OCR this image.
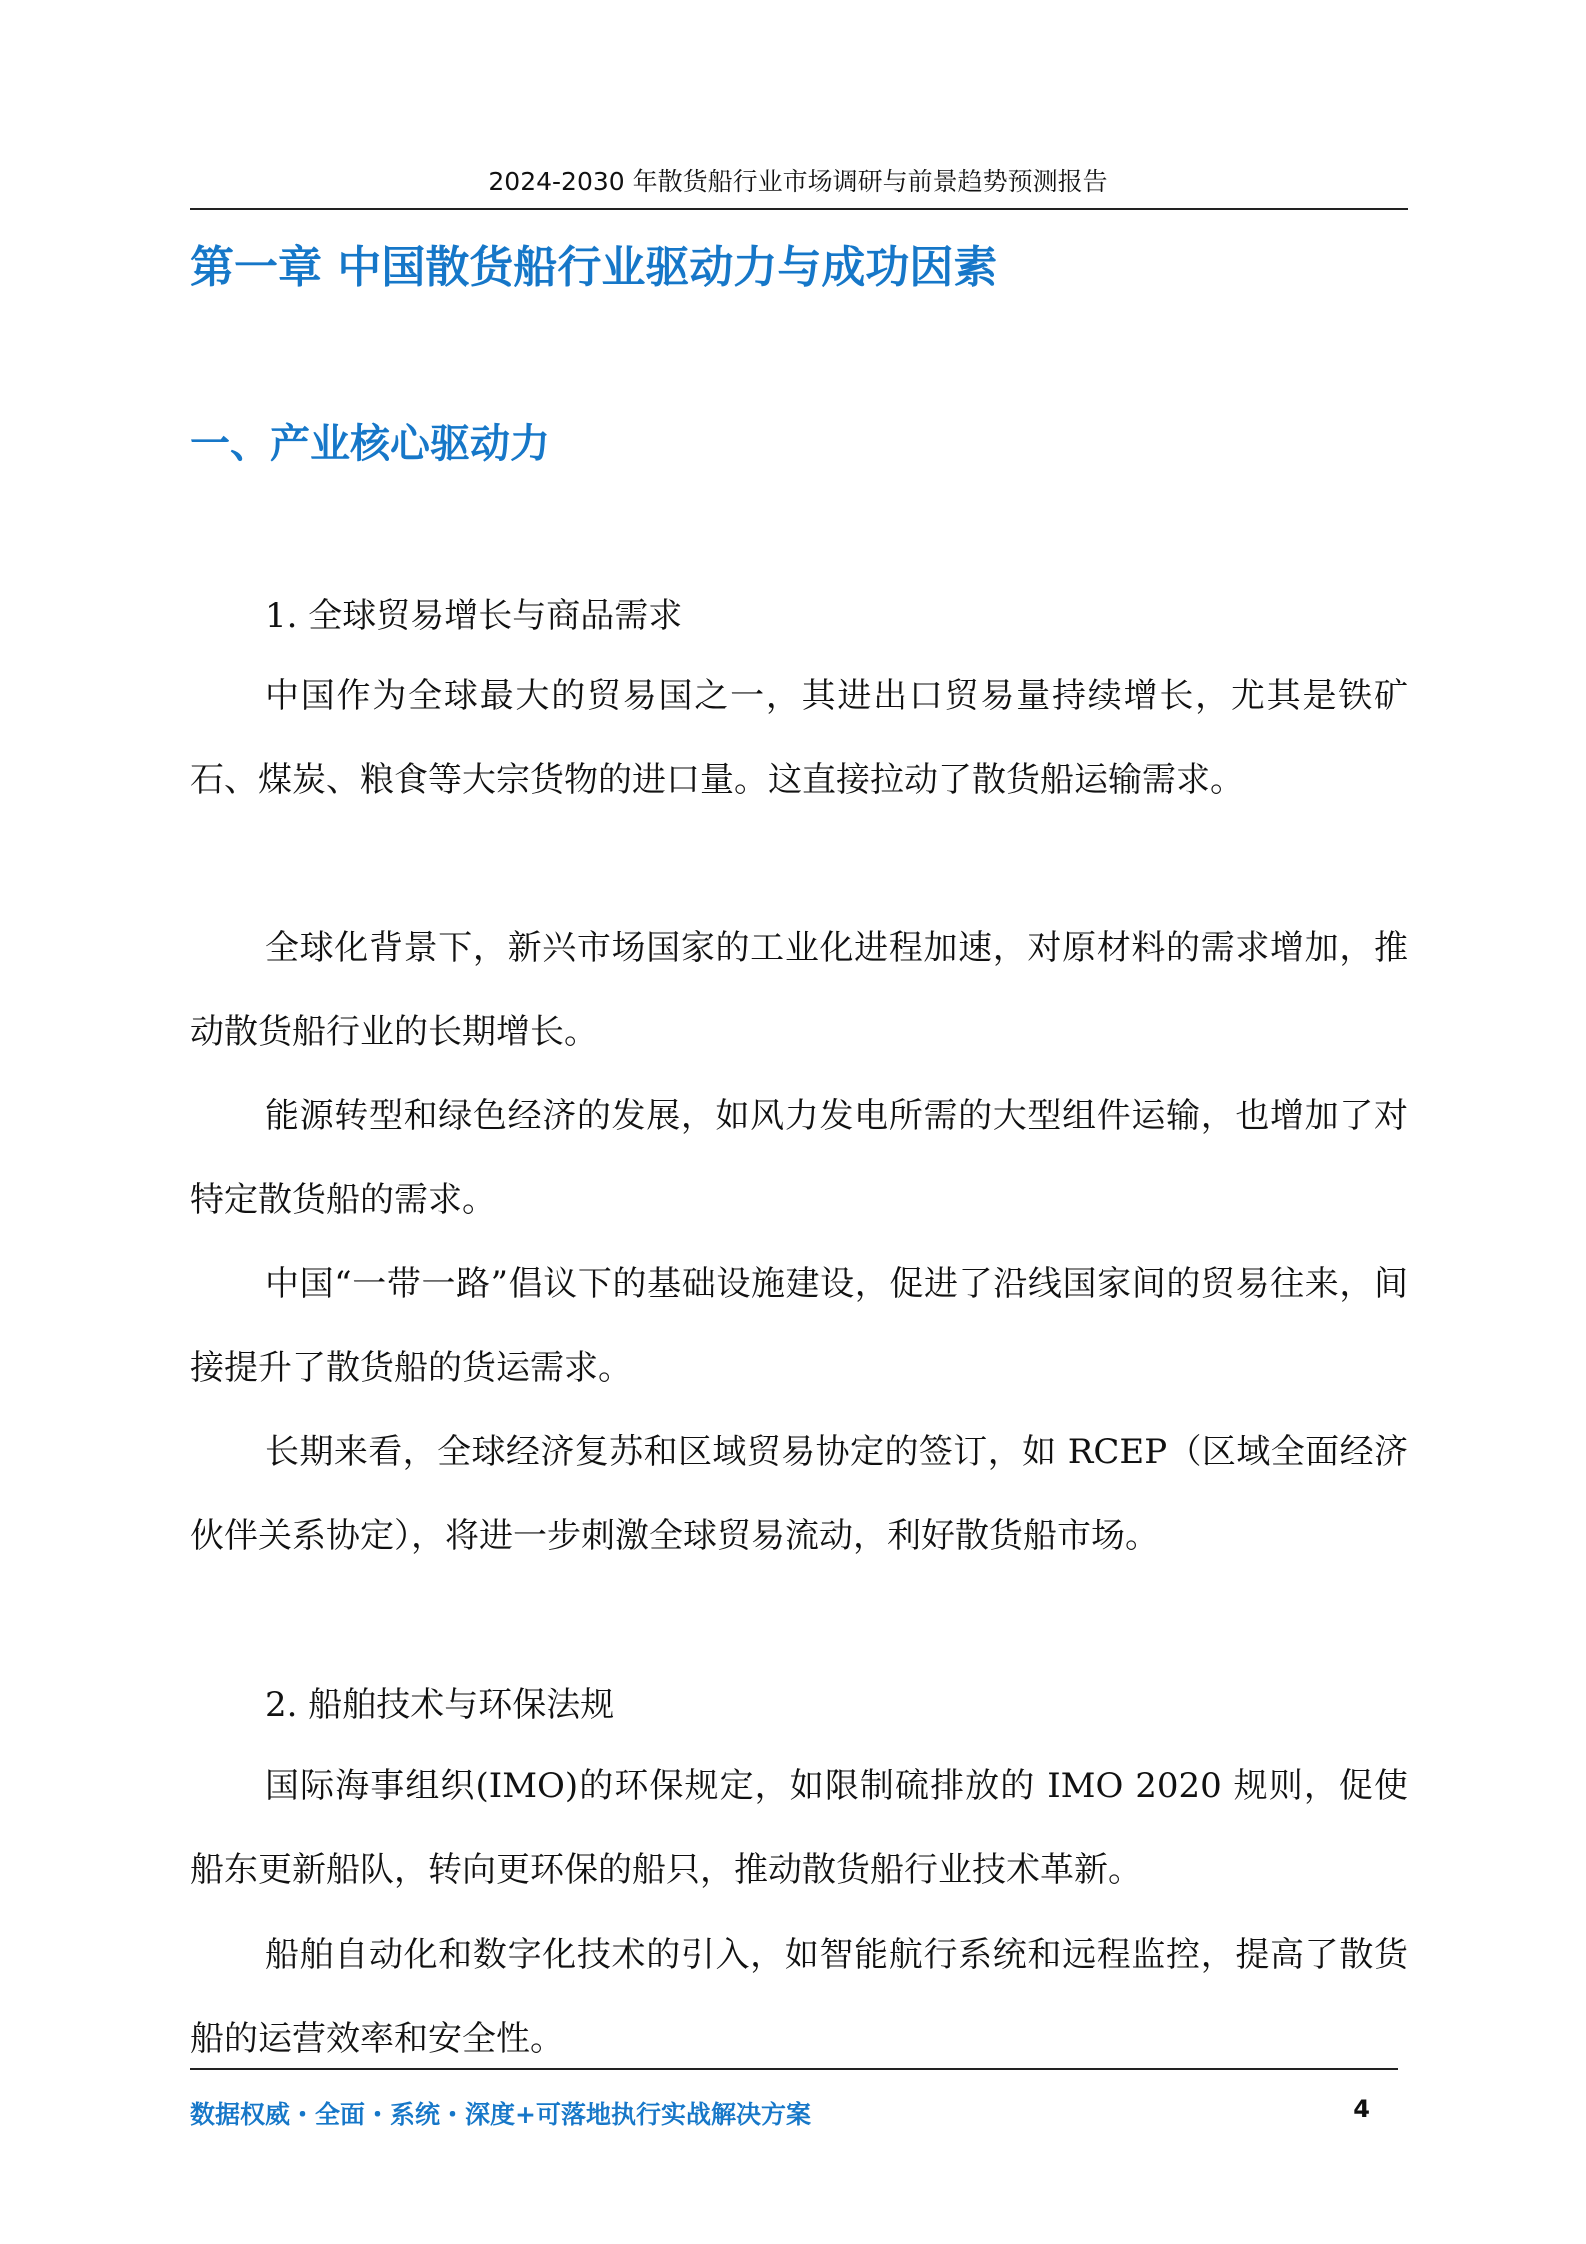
2024-2030 年散货船行业市场调研与前景趋势预测报告
第一章 中国散货船行业驱动力与成功因素
一、产业核心驱动力
1. 全球贸易增长与商品需求

中国作为全球最大的贸易国之一，其进出口贸易量持续增长，尤其是铁矿石、煤炭、粮食等大宗货物的进口量。这直接拉动了散货船运输需求。

全球化背景下，新兴市场国家的工业化进程加速，对原材料的需求增加，推动散货船行业的长期增长。

能源转型和绿色经济的发展，如风力发电所需的大型组件运输，也增加了对特定散货船的需求。

中国“一带一路”倡议下的基础设施建设，促进了沿线国家间的贸易往来，间接提升了散货船的货运需求。

长期来看，全球经济复苏和区域贸易协定的签订，如 RCEP（区域全面经济伙伴关系协定），将进一步刺激全球贸易流动，利好散货船市场。

2. 船舶技术与环保法规

国际海事组织(IMO)的环保规定，如限制硫排放的 IMO 2020 规则，促使船东更新船队，转向更环保的船只，推动散货船行业技术革新。

船舶自动化和数字化技术的引入，如智能航行系统和远程监控，提高了散货船的运营效率和安全性。

数据权威・全面・系统・深度+可落地执行实战解决方案	4
